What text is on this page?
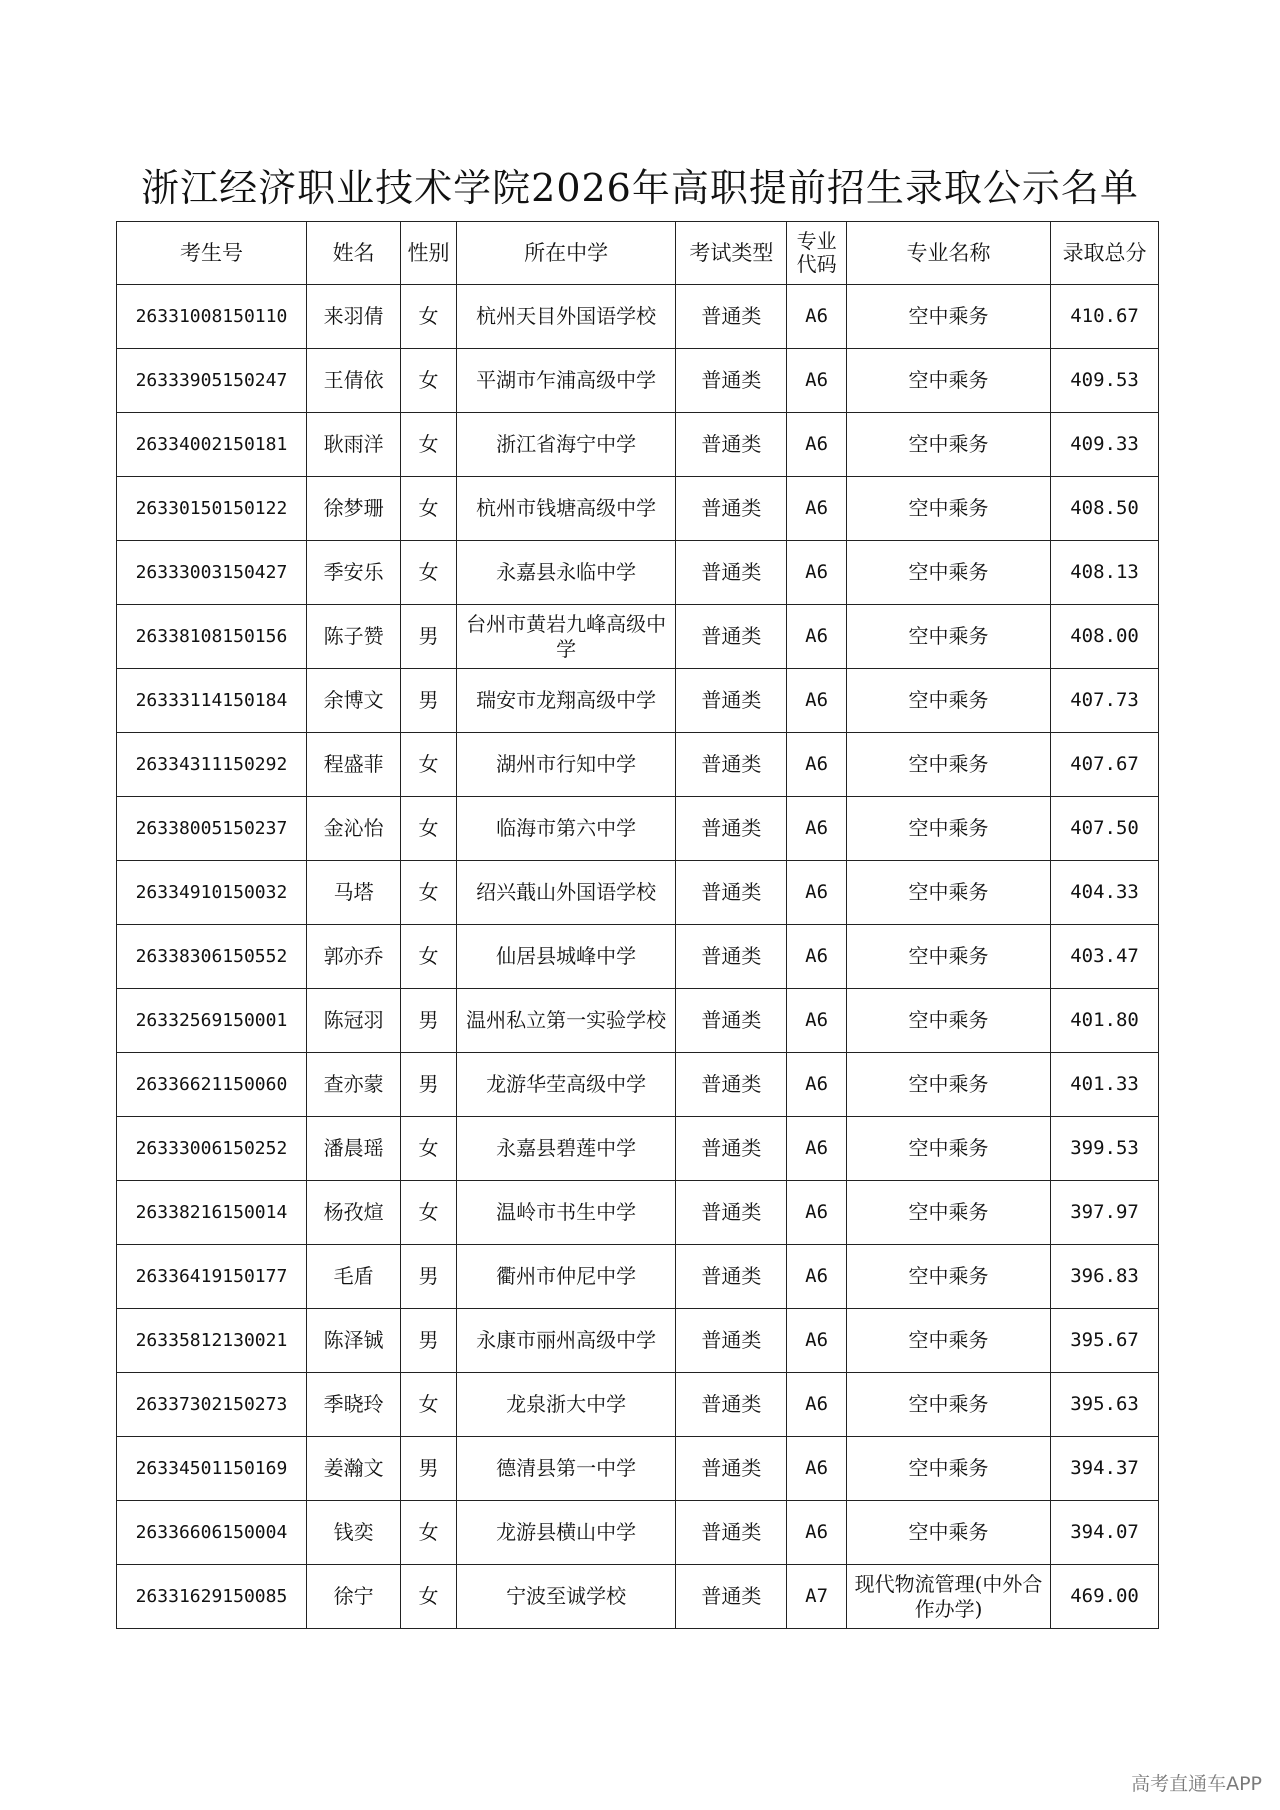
浙江经济职业技术学院2026年高职提前招生录取公示名单
考生号	姓名	性别	所在中学	考试类型	专业代码	专业名称	录取总分
26331008150110	来羽倩	女	杭州天目外国语学校	普通类	A6	空中乘务	410.67
26333905150247	王倩依	女	平湖市乍浦高级中学	普通类	A6	空中乘务	409.53
26334002150181	耿雨洋	女	浙江省海宁中学	普通类	A6	空中乘务	409.33
26330150150122	徐梦珊	女	杭州市钱塘高级中学	普通类	A6	空中乘务	408.50
26333003150427	季安乐	女	永嘉县永临中学	普通类	A6	空中乘务	408.13
26338108150156	陈子赞	男	台州市黄岩九峰高级中学	普通类	A6	空中乘务	408.00
26333114150184	余博文	男	瑞安市龙翔高级中学	普通类	A6	空中乘务	407.73
26334311150292	程盛菲	女	湖州市行知中学	普通类	A6	空中乘务	407.67
26338005150237	金沁怡	女	临海市第六中学	普通类	A6	空中乘务	407.50
26334910150032	马塔	女	绍兴蕺山外国语学校	普通类	A6	空中乘务	404.33
26338306150552	郭亦乔	女	仙居县城峰中学	普通类	A6	空中乘务	403.47
26332569150001	陈冠羽	男	温州私立第一实验学校	普通类	A6	空中乘务	401.80
26336621150060	查亦蒙	男	龙游华茔高级中学	普通类	A6	空中乘务	401.33
26333006150252	潘晨瑶	女	永嘉县碧莲中学	普通类	A6	空中乘务	399.53
26338216150014	杨孜煊	女	温岭市书生中学	普通类	A6	空中乘务	397.97
26336419150177	毛盾	男	衢州市仲尼中学	普通类	A6	空中乘务	396.83
26335812130021	陈泽铖	男	永康市丽州高级中学	普通类	A6	空中乘务	395.67
26337302150273	季晓玲	女	龙泉浙大中学	普通类	A6	空中乘务	395.63
26334501150169	姜瀚文	男	德清县第一中学	普通类	A6	空中乘务	394.37
26336606150004	钱奕	女	龙游县横山中学	普通类	A6	空中乘务	394.07
26331629150085	徐宁	女	宁波至诚学校	普通类	A7	现代物流管理(中外合作办学)	469.00
高考直通车APP
